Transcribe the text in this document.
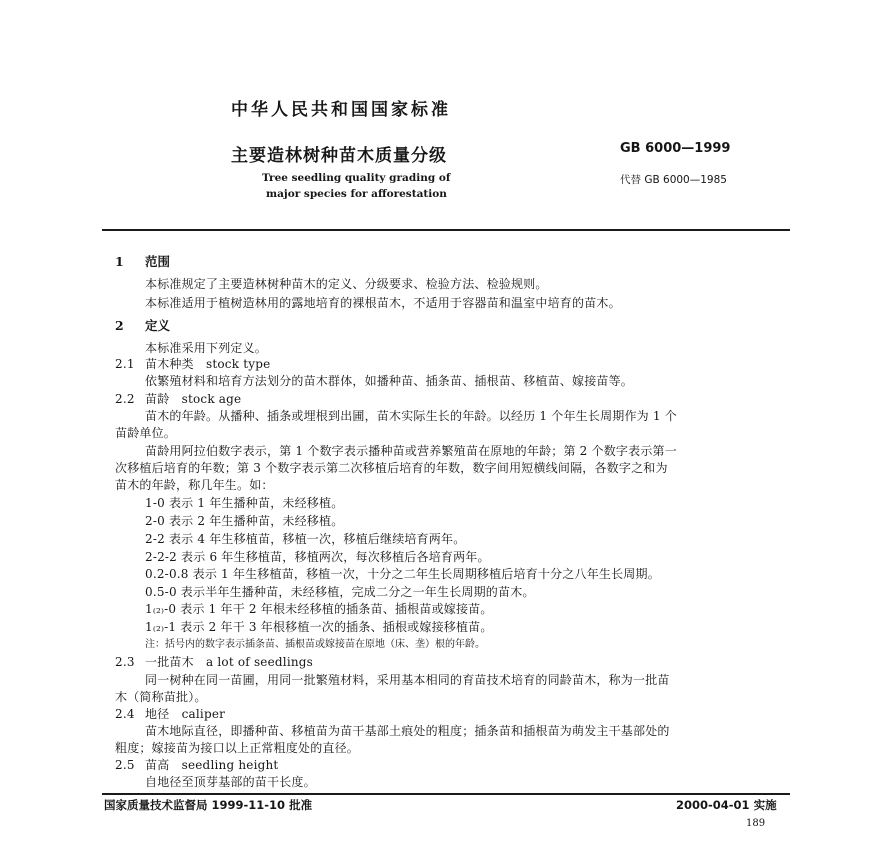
中华人民共和国国家标准
主要造林树种苗木质量分级	GB 6000—1999
Tree seedling quality grading of	代替 GB 6000—1985
major species for afforestation
1 范围
本标准规定了主要造林树种苗木的定义、分级要求、检验方法、检验规则。
本标准适用于植树造林用的露地培育的裸根苗木，不适用于容器苗和温室中培育的苗木。
2 定义
本标准采用下列定义。
2.1 苗木种类　stock type
依繁殖材料和培育方法划分的苗木群体，如播种苗、插条苗、插根苗、移植苗、嫁接苗等。
2.2 苗龄　stock age
苗木的年龄。从播种、插条或埋根到出圃，苗木实际生长的年龄。以经历 1 个年生长周期作为 1 个
苗龄单位。
苗龄用阿拉伯数字表示，第 1 个数字表示播种苗或营养繁殖苗在原地的年龄；第 2 个数字表示第一
次移植后培育的年数；第 3 个数字表示第二次移植后培育的年数，数字间用短横线间隔，各数字之和为
苗木的年龄，称几年生。如：
1-0 表示 1 年生播种苗，未经移植。
2-0 表示 2 年生播种苗，未经移植。
2-2 表示 4 年生移植苗，移植一次，移植后继续培育两年。
2-2-2 表示 6 年生移植苗，移植两次，每次移植后各培育两年。
0.2-0.8 表示 1 年生移植苗，移植一次，十分之二年生长周期移植后培育十分之八年生长周期。
0.5-0 表示半年生播种苗，未经移植，完成二分之一年生长周期的苗木。
1₍₂₎-0 表示 1 年干 2 年根未经移植的插条苗、插根苗或嫁接苗。
1₍₂₎-1 表示 2 年干 3 年根移植一次的插条、插根或嫁接移植苗。
注：括号内的数字表示插条苗、插根苗或嫁接苗在原地（床、垄）根的年龄。
2.3 一批苗木　a lot of seedlings
同一树种在同一苗圃，用同一批繁殖材料，采用基本相同的育苗技术培育的同龄苗木，称为一批苗
木（简称苗批）。
2.4 地径　caliper
苗木地际直径，即播种苗、移植苗为苗干基部土痕处的粗度；插条苗和插根苗为萌发主干基部处的
粗度；嫁接苗为接口以上正常粗度处的直径。
2.5 苗高　seedling height
自地径至顶芽基部的苗干长度。
国家质量技术监督局 1999-11-10 批准	2000-04-01 实施
189
